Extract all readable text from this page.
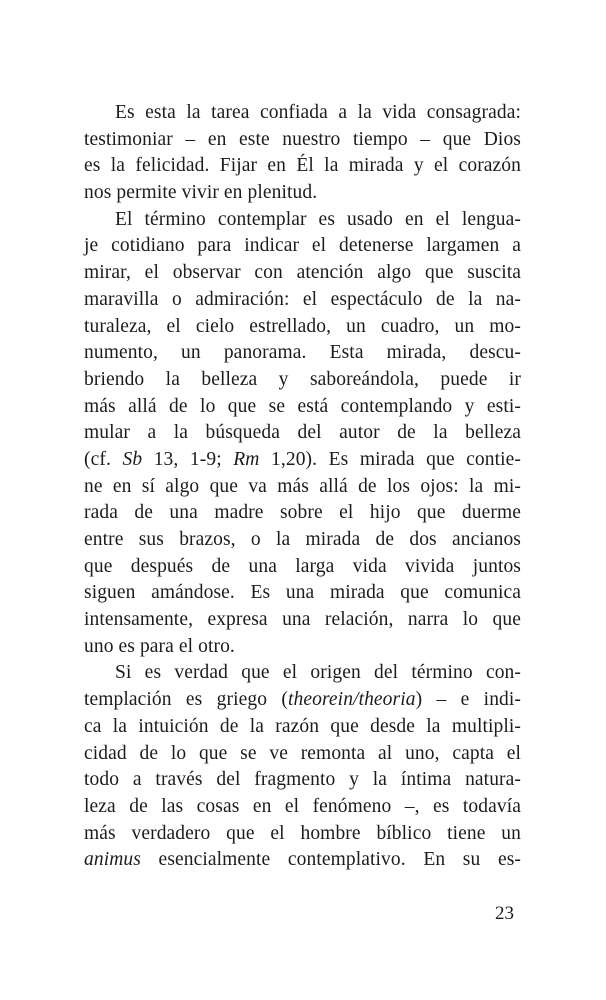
Es esta la tarea confiada a la vida consagrada:
testimoniar – en este nuestro tiempo – que Dios
es la felicidad. Fijar en Él la mirada y el corazón
nos permite vivir en plenitud.
El término contemplar es usado en el lengua-
je cotidiano para indicar el detenerse largamen a
mirar, el observar con atención algo que suscita
maravilla o admiración: el espectáculo de la na-
turaleza, el cielo estrellado, un cuadro, un mo-
numento, un panorama. Esta mirada, descu-
briendo la belleza y saboreándola, puede ir
más allá de lo que se está contemplando y esti-
mular a la búsqueda del autor de la belleza
(cf. Sb 13, 1-9; Rm 1,20). Es mirada que contie-
ne en sí algo que va más allá de los ojos: la mi-
rada de una madre sobre el hijo que duerme
entre sus brazos, o la mirada de dos ancianos
que después de una larga vida vivida juntos
siguen amándose. Es una mirada que comunica
intensamente, expresa una relación, narra lo que
uno es para el otro.
Si es verdad que el origen del término con-
templación es griego (theorein/theoria) – e indi-
ca la intuición de la razón que desde la multipli-
cidad de lo que se ve remonta al uno, capta el
todo a través del fragmento y la íntima natura-
leza de las cosas en el fenómeno –, es todavía
más verdadero que el hombre bíblico tiene un
animus esencialmente contemplativo. En su es-
23
